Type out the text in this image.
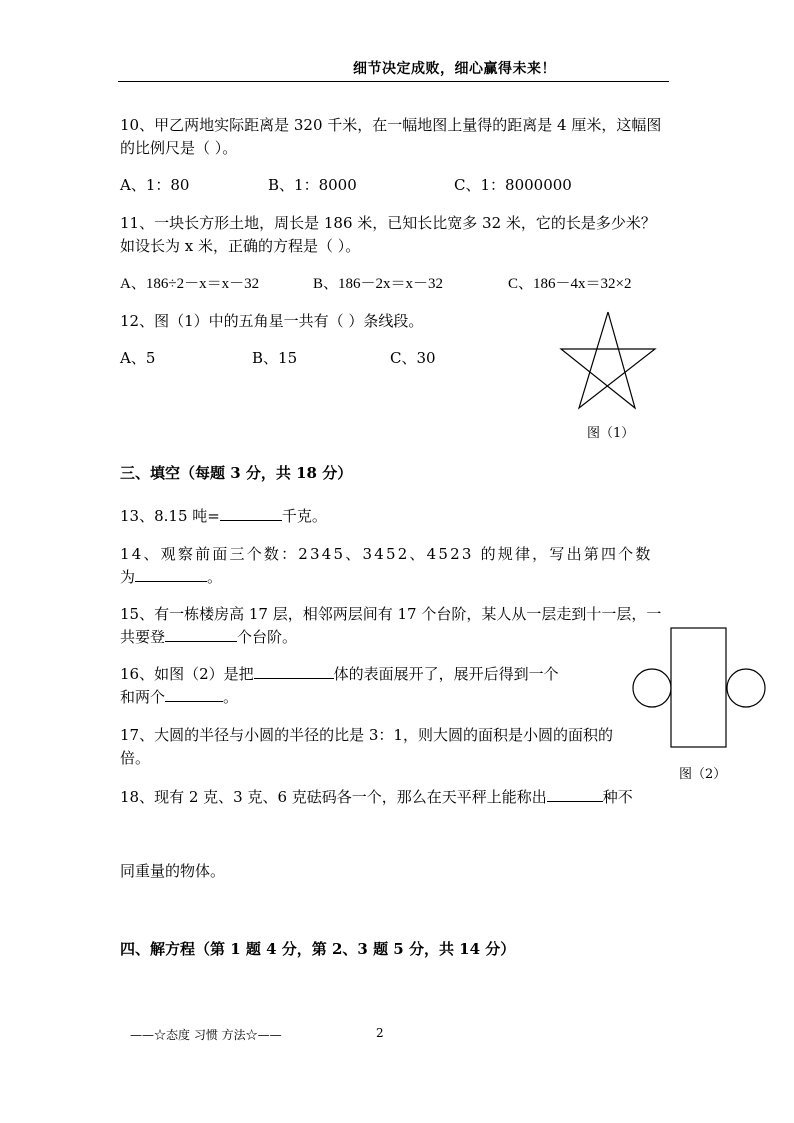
细节决定成败，细心赢得未来！
10、甲乙两地实际距离是 320 千米，在一幅地图上量得的距离是 4 厘米，这幅图
的比例尺是（ ）。
A、1：80	B、1：8000	C、1：8000000
11、一块长方形土地，周长是 186 米，已知长比宽多 32 米，它的长是多少米？
如设长为 x 米，正确的方程是（ ）。
A、186÷2－x＝x－32	B、186－2x＝x－32	C、186－4x＝32×2
12、图（1）中的五角星一共有（ ）条线段。
A、5	B、15	C、30
图（1）
三、填空（每题 3 分，共 18 分）
13、8.15 吨=	千克。
14、观察前面三个数：2345、3452、4523 的规律，写出第四个数
为	。
15、有一栋楼房高 17 层，相邻两层间有 17 个台阶，某人从一层走到十一层，一
共要登	个台阶。
16、如图（2）是把	体的表面展开了，展开后得到一个
和两个	。
图（2）
17、大圆的半径与小圆的半径的比是 3：1，则大圆的面积是小圆的面积的
倍。
18、现有 2 克、3 克、6 克砝码各一个，那么在天平秤上能称出	种不
同重量的物体。
四、解方程（第 1 题 4 分，第 2、3 题 5 分，共 14 分）
——☆态度 习惯 方法☆——	2
